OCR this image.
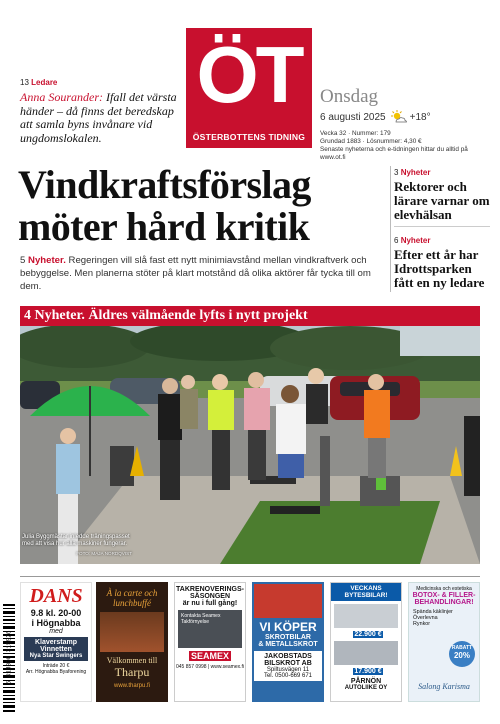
13 Ledare
Anna Sourander: Ifall det värsta händer – då finns det beredskap att samla byns invånare vid ungdomslokalen.
ÖT
ÖSTERBOTTENS TIDNING
Onsdag
6 augusti 2025 +18°
Vecka 32 · Nummer: 179
Grundad 1883 · Lösnummer: 4,30 €
Senaste nyheterna och e-tidningen hittar du alltid på www.ot.fi
Vindkraftsförslag möter hård kritik
5 Nyheter. Regeringen vill slå fast ett nytt minimiavstånd mellan vindkraftverk och bebyggelse. Men planerna stöter på klart motstånd då olika aktörer får tycka till om dem.
3 Nyheter
Rektorer och lärare varnar om elevhälsan
6 Nyheter
Efter ett år har Idrottsparken fått en ny ledare
4 Nyheter. Äldres välmående lyfts i nytt projekt
Julia Byggmästar inledde träningspasset med att visa hur alla maskiner fungerar.
FOTO: MAJA NORDQVIST
6 418000 315926
DANS
9.8 kl. 20-00
i Högnabba
med
Klaverstamp
Vinnetten
Nya Star Swingers
Inträde 20 €
Arr. Högnabba Byaforening
À la carte och
lunchbuffé
Välkommen till
Tharpu
www.tharpu.fi
TAKRENOVERINGS-
SÄSONGEN
är nu i full gång!
Kontakta Seamex
Takförnyelse
SEAMEX
045 857 0998 | www.seamex.fi
VI KÖPER
SKROTBILAR
& METALLSKROT
JAKOBSTADS
BILSKROT AB
Spiltusvägen 11
Tel. 0500-669 671
VECKANS BYTESBILAR!
22.900 €
17.900 €
PÅRNÖN
AUTOLIIKE OY
Medicinska och estetiska
BOTOX- & FILLER-
BEHANDLINGAR!
Spända käklinjer
Överlevna
Rynkor
RABATT
20%
Salong Karisma
